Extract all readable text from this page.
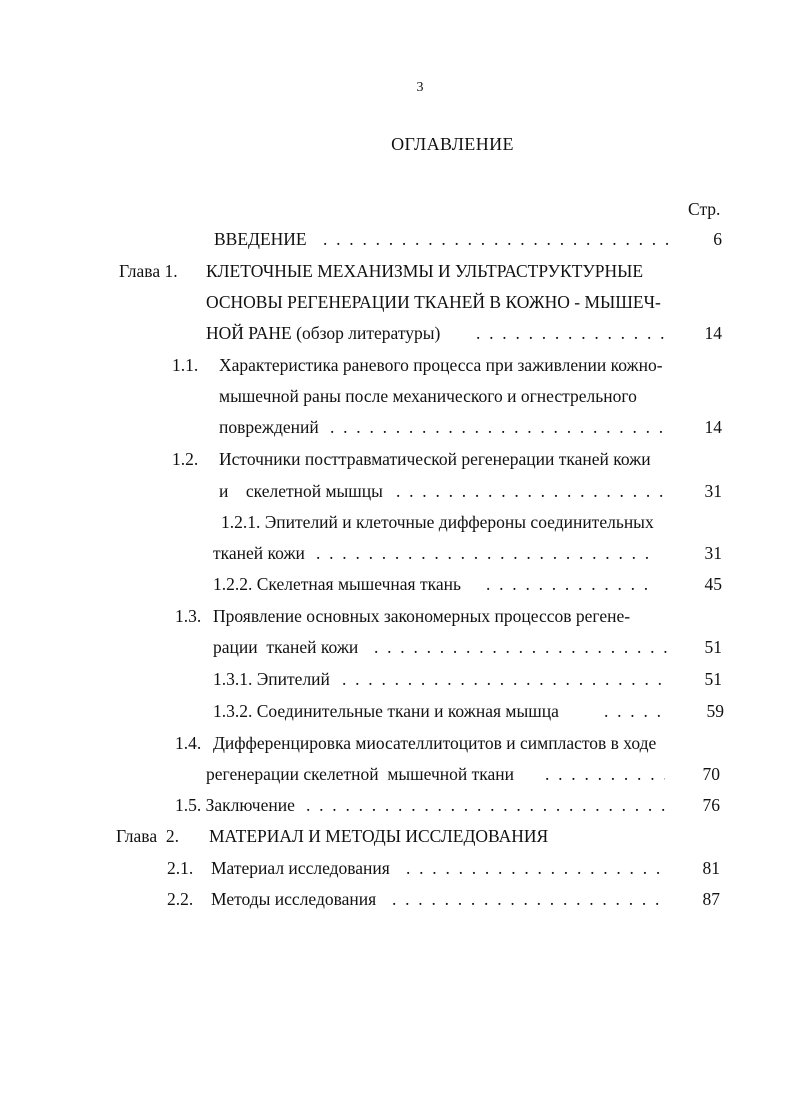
3
ОГЛАВЛЕНИЕ
Стр.
ВВЕДЕНИЕ . . .	6
Глава 1. КЛЕТОЧНЫЕ МЕХАНИЗМЫ И УЛЬТРАСТРУКТУРНЫЕ
ОСНОВЫ РЕГЕНЕРАЦИИ ТКАНЕЙ В КОЖНО - МЫШЕЧ-
НОЙ РАНЕ (обзор литературы) . . .	14
1.1. Характеристика раневого процесса при заживлении кожно-
мышечной раны после механического и огнестрельного
повреждений . . .	14
1.2. Источники посттравматической регенерации тканей кожи
и    скелетной мышцы . . .	31
1.2.1. Эпителий и клеточные диффероны соединительных
тканей кожи . . .	31
1.2.2. Скелетная мышечная ткань . . .	45
1.3. Проявление основных закономерных процессов регене-
рации  тканей кожи . . .	51
1.3.1. Эпителий . . .	51
1.3.2. Соединительные ткани и кожная мышца . . .	59
1.4. Дифференцировка миосателлитоцитов и симпластов в ходе
регенерации скелетной  мышечной ткани . . .	70
1.5. Заключение . . .	76
Глава  2. МАТЕРИАЛ И МЕТОДЫ ИССЛЕДОВАНИЯ
2.1. Материал исследования . . .	81
2.2. Методы исследования . . .	87
